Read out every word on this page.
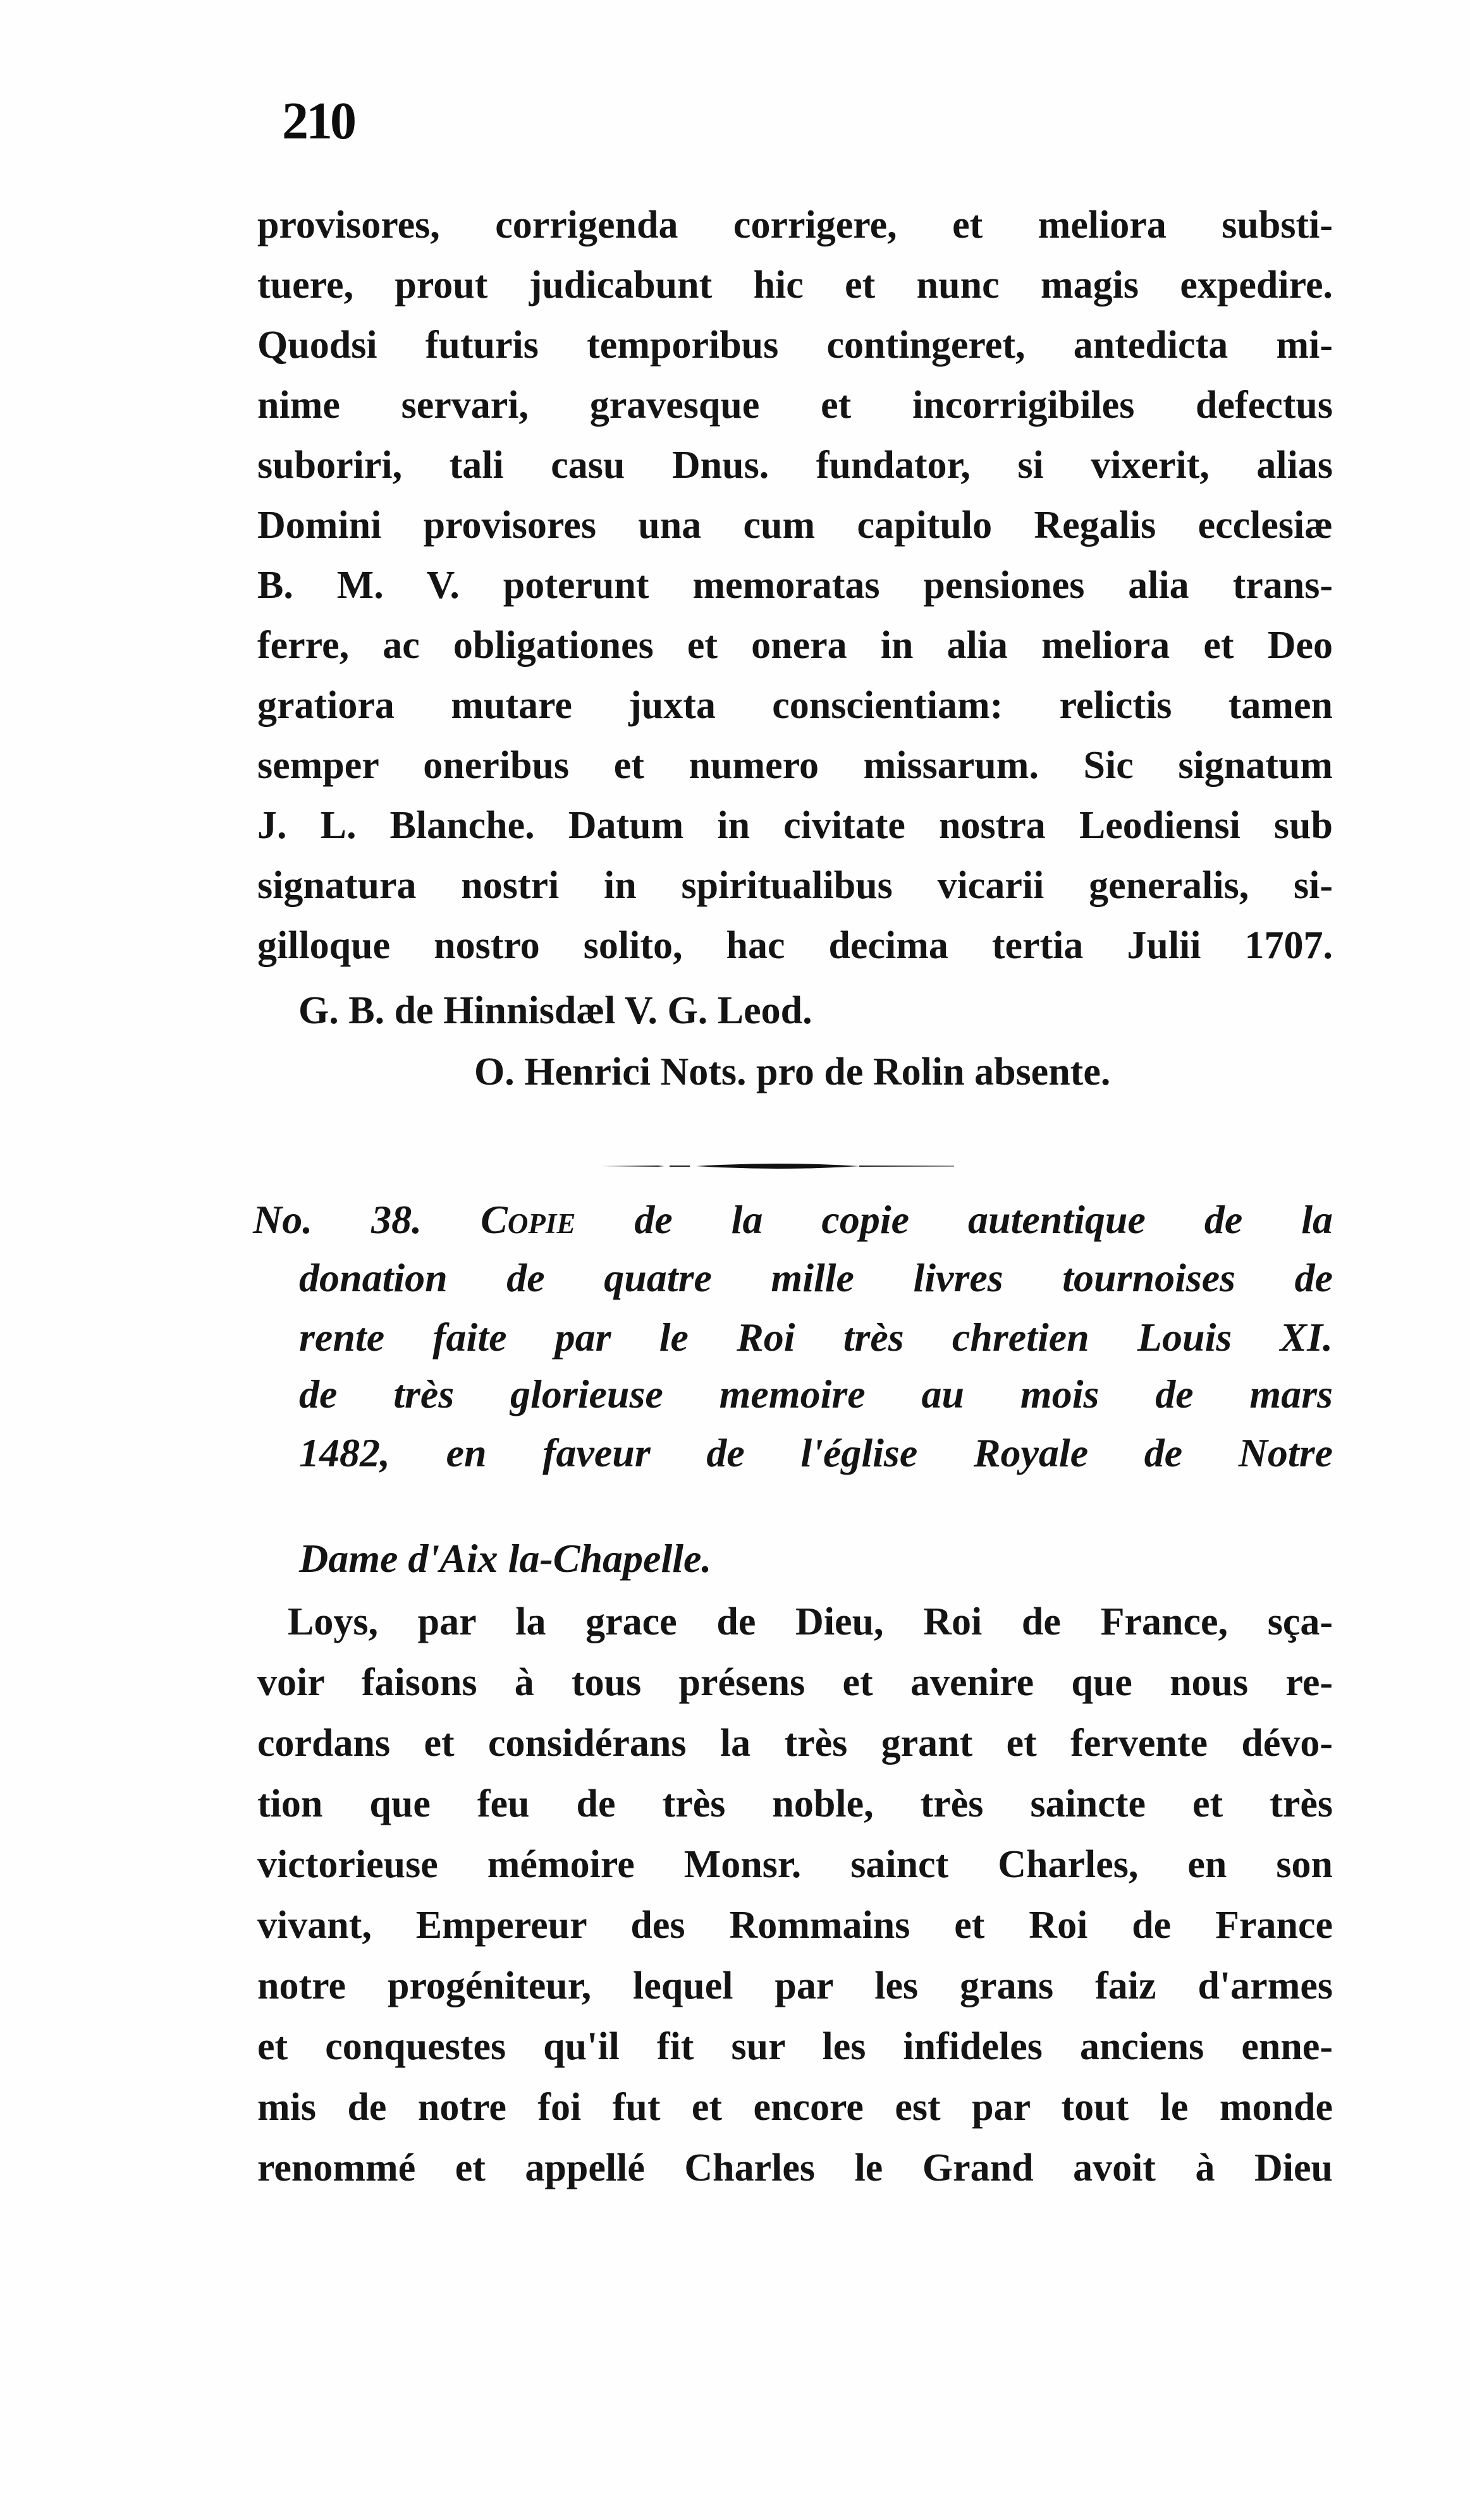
210
provisores, corrigenda corrigere, et meliora substi-
tuere, prout judicabunt hic et nunc magis expedire.
Quodsi futuris temporibus contingeret, antedicta mi-
nime servari, gravesque et incorrigibiles defectus
suboriri, tali casu Dnus. fundator, si vixerit, alias
Domini provisores una cum capitulo Regalis ecclesiæ
B. M. V. poterunt memoratas pensiones alia trans-
ferre, ac obligationes et onera in alia meliora et Deo
gratiora mutare juxta conscientiam: relictis tamen
semper oneribus et numero missarum. Sic signatum
J. L. Blanche. Datum in civitate nostra Leodiensi sub
signatura nostri in spiritualibus vicarii generalis, si-
gilloque nostro solito, hac decima tertia Julii 1707.
G. B. de Hinnisdæl V. G. Leod.
O. Henrici Nots. pro de Rolin absente.
No. 38. Copie de la copie autentique de la
donation de quatre mille livres tournoises de
rente faite par le Roi très chretien Louis XI.
de très glorieuse memoire au mois de mars
1482, en faveur de l'église Royale de Notre
Dame d'Aix la-Chapelle.
Loys, par la grace de Dieu, Roi de France, sça-
voir faisons à tous présens et avenire que nous re-
cordans et considérans la très grant et fervente dévo-
tion que feu de très noble, très saincte et très
victorieuse mémoire Monsr. sainct Charles, en son
vivant, Empereur des Rommains et Roi de France
notre progéniteur, lequel par les grans faiz d'armes
et conquestes qu'il fit sur les infideles anciens enne-
mis de notre foi fut et encore est par tout le monde
renommé et appellé Charles le Grand avoit à Dieu
